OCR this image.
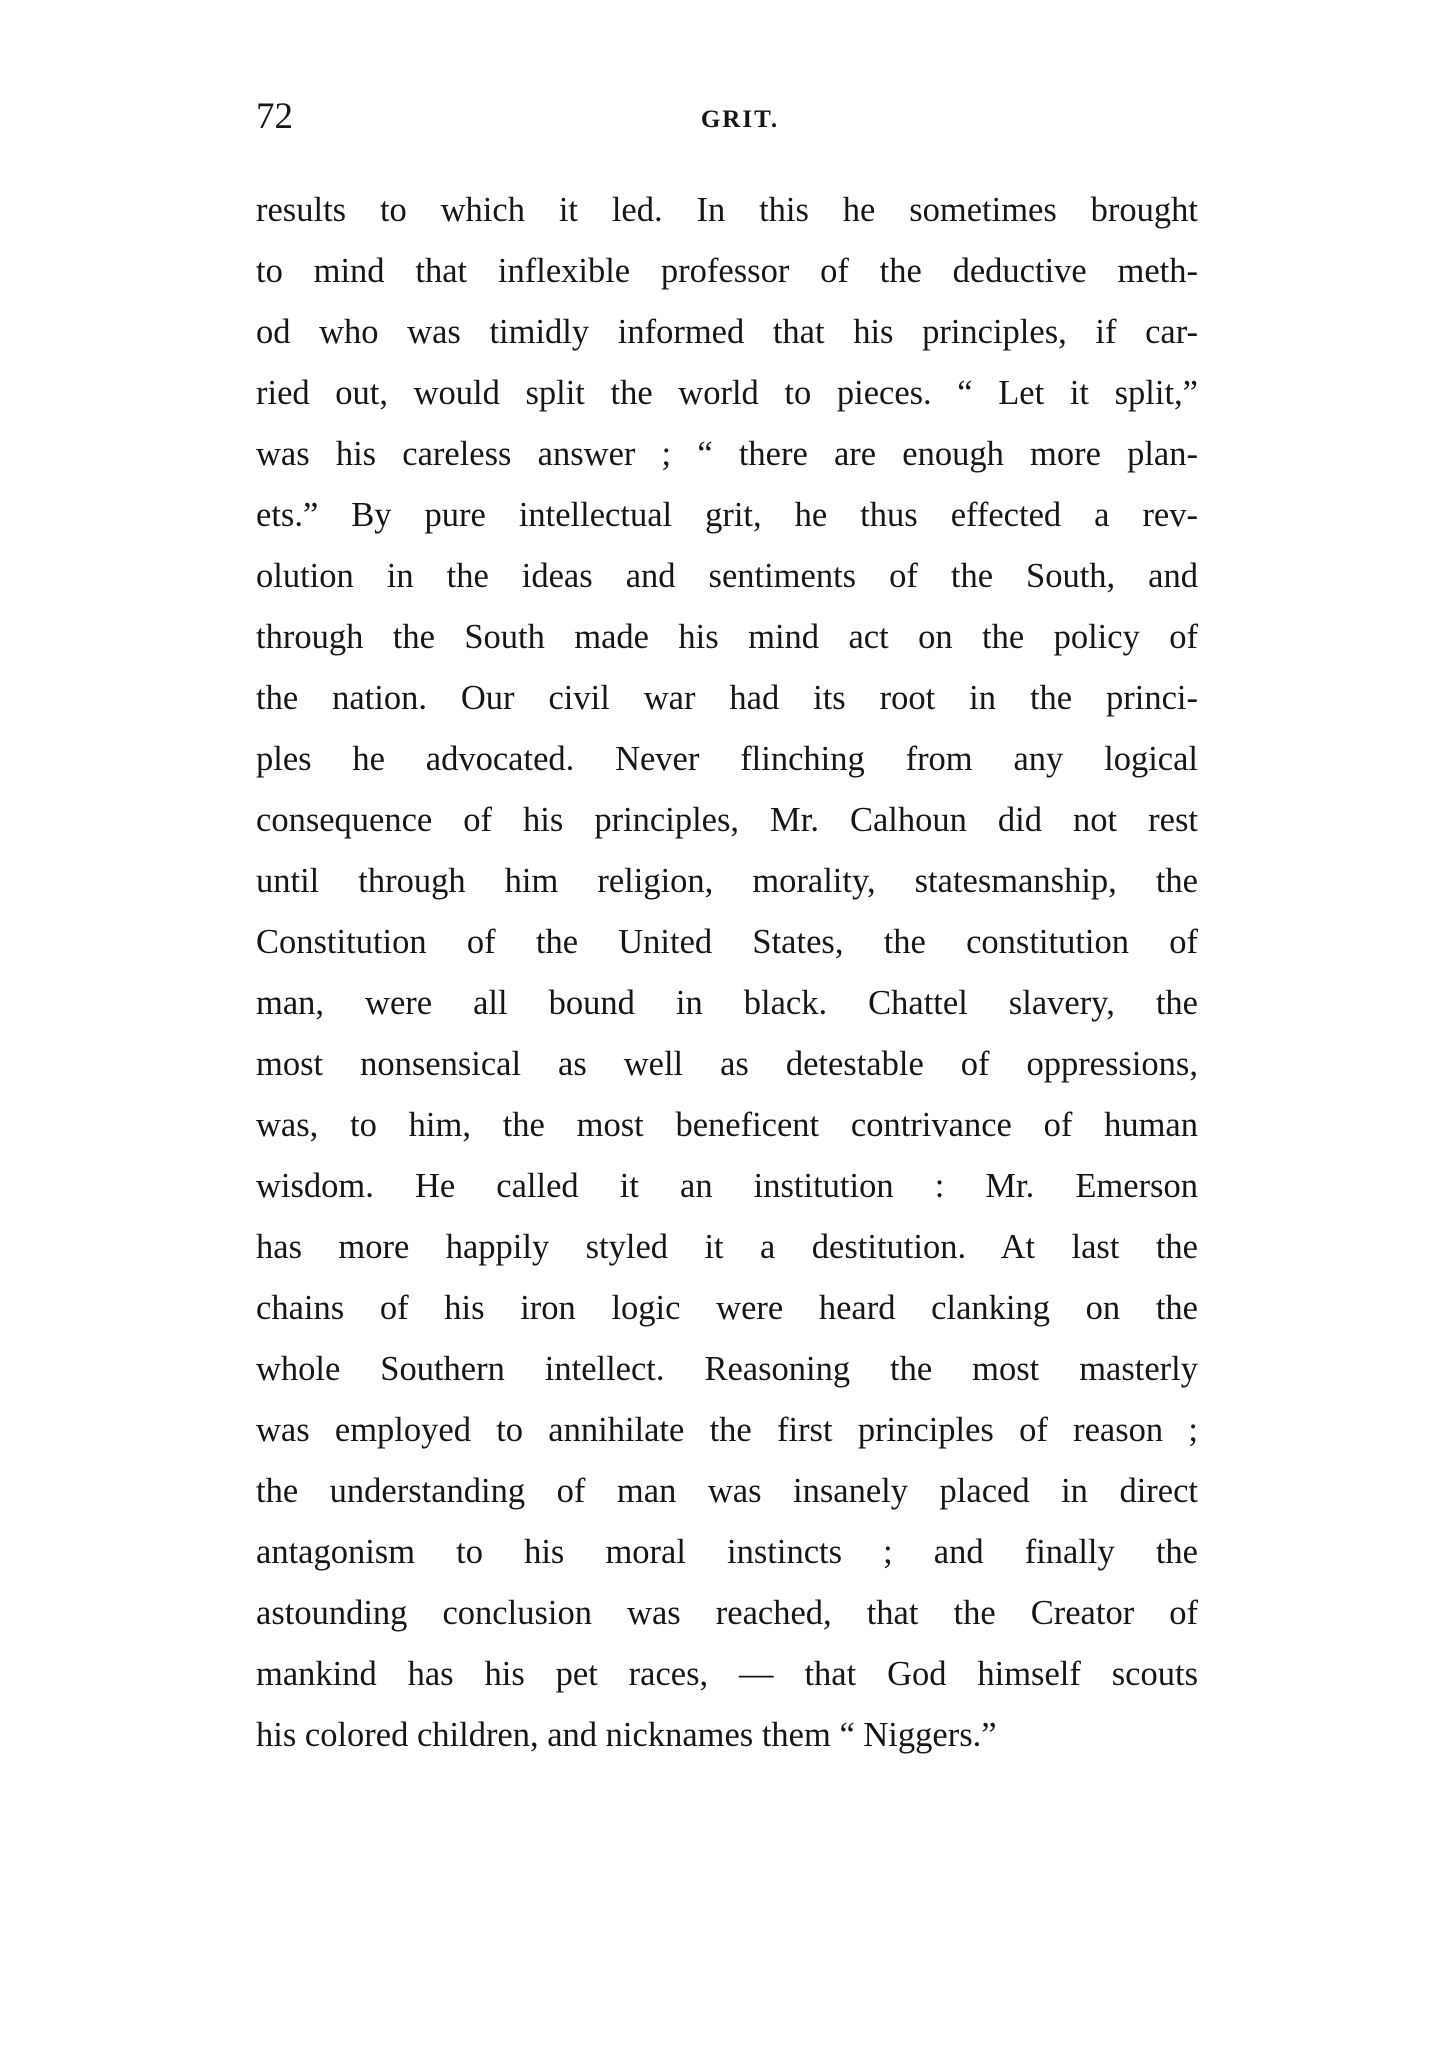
72	GRIT.
results to which it led. In this he sometimes brought
to mind that inflexible professor of the deductive meth-
od who was timidly informed that his principles, if car-
ried out, would split the world to pieces. “ Let it split,”
was his careless answer ; “ there are enough more plan-
ets.” By pure intellectual grit, he thus effected a rev-
olution in the ideas and sentiments of the South, and
through the South made his mind act on the policy of
the nation. Our civil war had its root in the princi-
ples he advocated. Never flinching from any logical
consequence of his principles, Mr. Calhoun did not rest
until through him religion, morality, statesmanship, the
Constitution of the United States, the constitution of
man, were all bound in black. Chattel slavery, the
most nonsensical as well as detestable of oppressions,
was, to him, the most beneficent contrivance of human
wisdom. He called it an institution : Mr. Emerson
has more happily styled it a destitution. At last the
chains of his iron logic were heard clanking on the
whole Southern intellect. Reasoning the most masterly
was employed to annihilate the first principles of reason ;
the understanding of man was insanely placed in direct
antagonism to his moral instincts ; and finally the
astounding conclusion was reached, that the Creator of
mankind has his pet races, — that God himself scouts
his colored children, and nicknames them “ Niggers.”
